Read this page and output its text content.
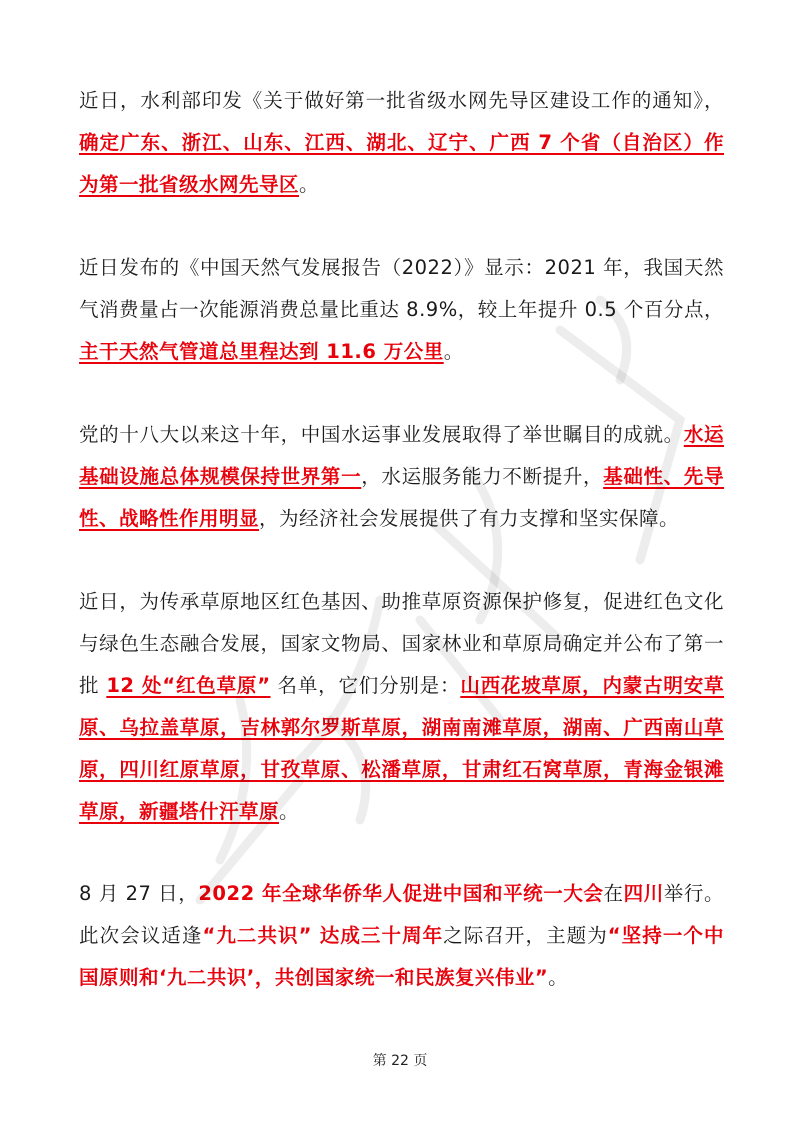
近日，水利部印发《关于做好第一批省级水网先导区建设工作的通知》，确定广东、浙江、山东、江西、湖北、辽宁、广西 7 个省（自治区）作为第一批省级水网先导区。

近日发布的《中国天然气发展报告（2022）》显示：2021 年，我国天然气消费量占一次能源消费总量比重达 8.9%，较上年提升 0.5 个百分点，主干天然气管道总里程达到 11.6 万公里。

党的十八大以来这十年，中国水运事业发展取得了举世瞩目的成就。水运基础设施总体规模保持世界第一，水运服务能力不断提升，基础性、先导性、战略性作用明显，为经济社会发展提供了有力支撑和坚实保障。

近日，为传承草原地区红色基因、助推草原资源保护修复，促进红色文化与绿色生态融合发展，国家文物局、国家林业和草原局确定并公布了第一批 12 处“红色草原” 名单，它们分别是：山西花坡草原，内蒙古明安草原、乌拉盖草原，吉林郭尔罗斯草原，湖南南滩草原，湖南、广西南山草原，四川红原草原，甘孜草原、松潘草原，甘肃红石窝草原，青海金银滩草原，新疆塔什汗草原。

8 月 27 日，2022 年全球华侨华人促进中国和平统一大会在四川举行。此次会议适逢“九二共识” 达成三十周年之际召开，主题为“坚持一个中国原则和‘九二共识’，共创国家统一和民族复兴伟业”。

第 22 页
